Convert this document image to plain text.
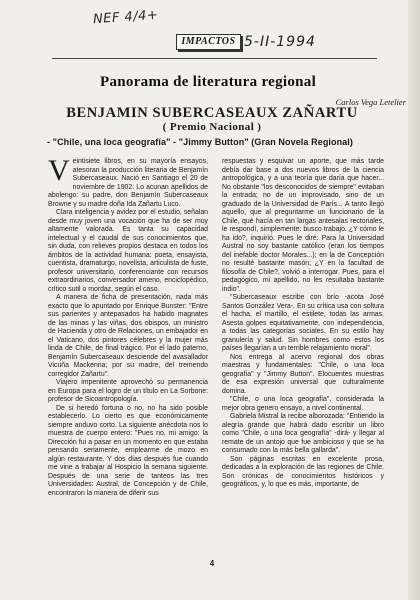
NEF 4/4+
IMPACTOS 5-II-1994
Panorama de literatura regional
Carlos Vega Letelier
BENJAMIN SUBERCASEAUX ZAÑARTU
( Premio Nacional )
- "Chile, una loca geografía" - "Jimmy Button" (Gran Novela Regional)

Veintisiete libros, en su mayoría ensayos, atesoran la producción literaria de Benjamín Subercaseaux. Nació en Santiago el 20 de noviembre de 1902. Lo acunan apellidos de abolengo: su padre, don Benjamín Subercaseaux Browne y su madre doña Ida Zañartu Luco.

Clara inteligencia y avidez por el estudio, señalan desde muy joven una vocación que ha de ser muy altamente valorada. Es tanta su capacidad intelectual y el caudal de sus conocimientos que, sin duda, con relieves propios destaca en todos los ámbitos de la actividad humana: poeta, ensayista, cuentista, dramaturgo, novelista, articulista de fuste, profesor universitario, conferenciante con recursos extraordinarios, conversador ameno, enciclopédico, crítico sutil o mordaz, según el caso.

A manera de ficha de presentación, nada más exacto que lo apuntado por Enrique Bunster: "Entre sus parientes y antepasados ha habido magnates de las minas y las viñas, dos obispos, un ministro de Hacienda y otro de Relaciones, un embajador en el Vaticano, dos pintores célebres y la mujer más linda de Chile, de final trágico. Por el lado paterno, Benjamín Subercaseaux desciende del avasallador Vicuña Mackenna; por su madre, del tremendo corregidor Zañartu".

Viajero impenitente aprovechó su permanencia en Europa para el logro de un título en La Sorbone: profesor de Sicoantropología.

De si heredó fortuna o no, no ha sido posible establecerlo. Lo cierto es que económicamente siempre anduvo corto. La siguiente anécdota nos lo muestra de cuerpo entero: "Pues no, mi amigo: la Dirección fui a pasar en un momento en que estaba pensando seriamente, emplearme de mozo en algún restaurante. Y dos días después fue cuando me vine a trabajar al Hospicio la semana siguiente. Después de una serie de tanteos las tres Universidades: Austral, de Concepción y de Chile, encontraron la manera de diferir sus

respuestas y esquivar un aporte, que más tarde debía dar base a dos nuevos libros de la ciencia antropológica, y a una teoría que daría que hacer... No obstante "los desconocidos de siempre" evitaban la entrada; no de un improvisado, sino de un graduado de la Universidad de París... A tanto llegó aquello, que al preguntarme un funcionario de la Chile, qué hacía en tan largas antesalas rectoriales, le respondí, simplemente: busco trabajo. ¿Y cómo le ha ido?, inquirió. Pues le diré: Para la Universidad Austral no soy bastante católico (eran los tiempos del inefable doctor Morales...); en la de Concepción no resulté bastante masón; ¿Y en la facultad de filosofía de Chile?, volvió a interrogar. Pues, para el pedagógico, mi apellido, no les resultaba bastante indio".

"Subercaseaux escribe con brío -acota José Santos González Vera-. En su crítica usa con soltura el hacha, el martillo, el estilete, todas las armas. Asesta golpes equitativamente, con independencia, a todas las categorías sociales. En su estilo hay granulería y salud. Sin hombres como estos los países llegarían a un terrible relajamiento moral".

Nos entrega al acervo regional dos obras maestras y fundamentales: "Chile, o una loca geografía" y "Jimmy Button". Elocuentes muestras de esa expresión universal que culturalmente domina.

"Chile, o una loca geografía", considerada la mejor obra genero ensayo, a nivel continental.

Gabriela Mistral la recibe alborozada: "Entiendo la alegría grande que habrá dado escribir un libro como "Chile, o una loca geografía" -dirá- y llegar al remate de un antojo que fue ambicioso y que se ha consumado con la más bella gallarda".

Son páginas escritas en excelente prosa, dedicadas a la exploración de las regiones de Chile. Son crónicas de conocimientos históricos y geográficos, y, lo que es más, importante, de

4
